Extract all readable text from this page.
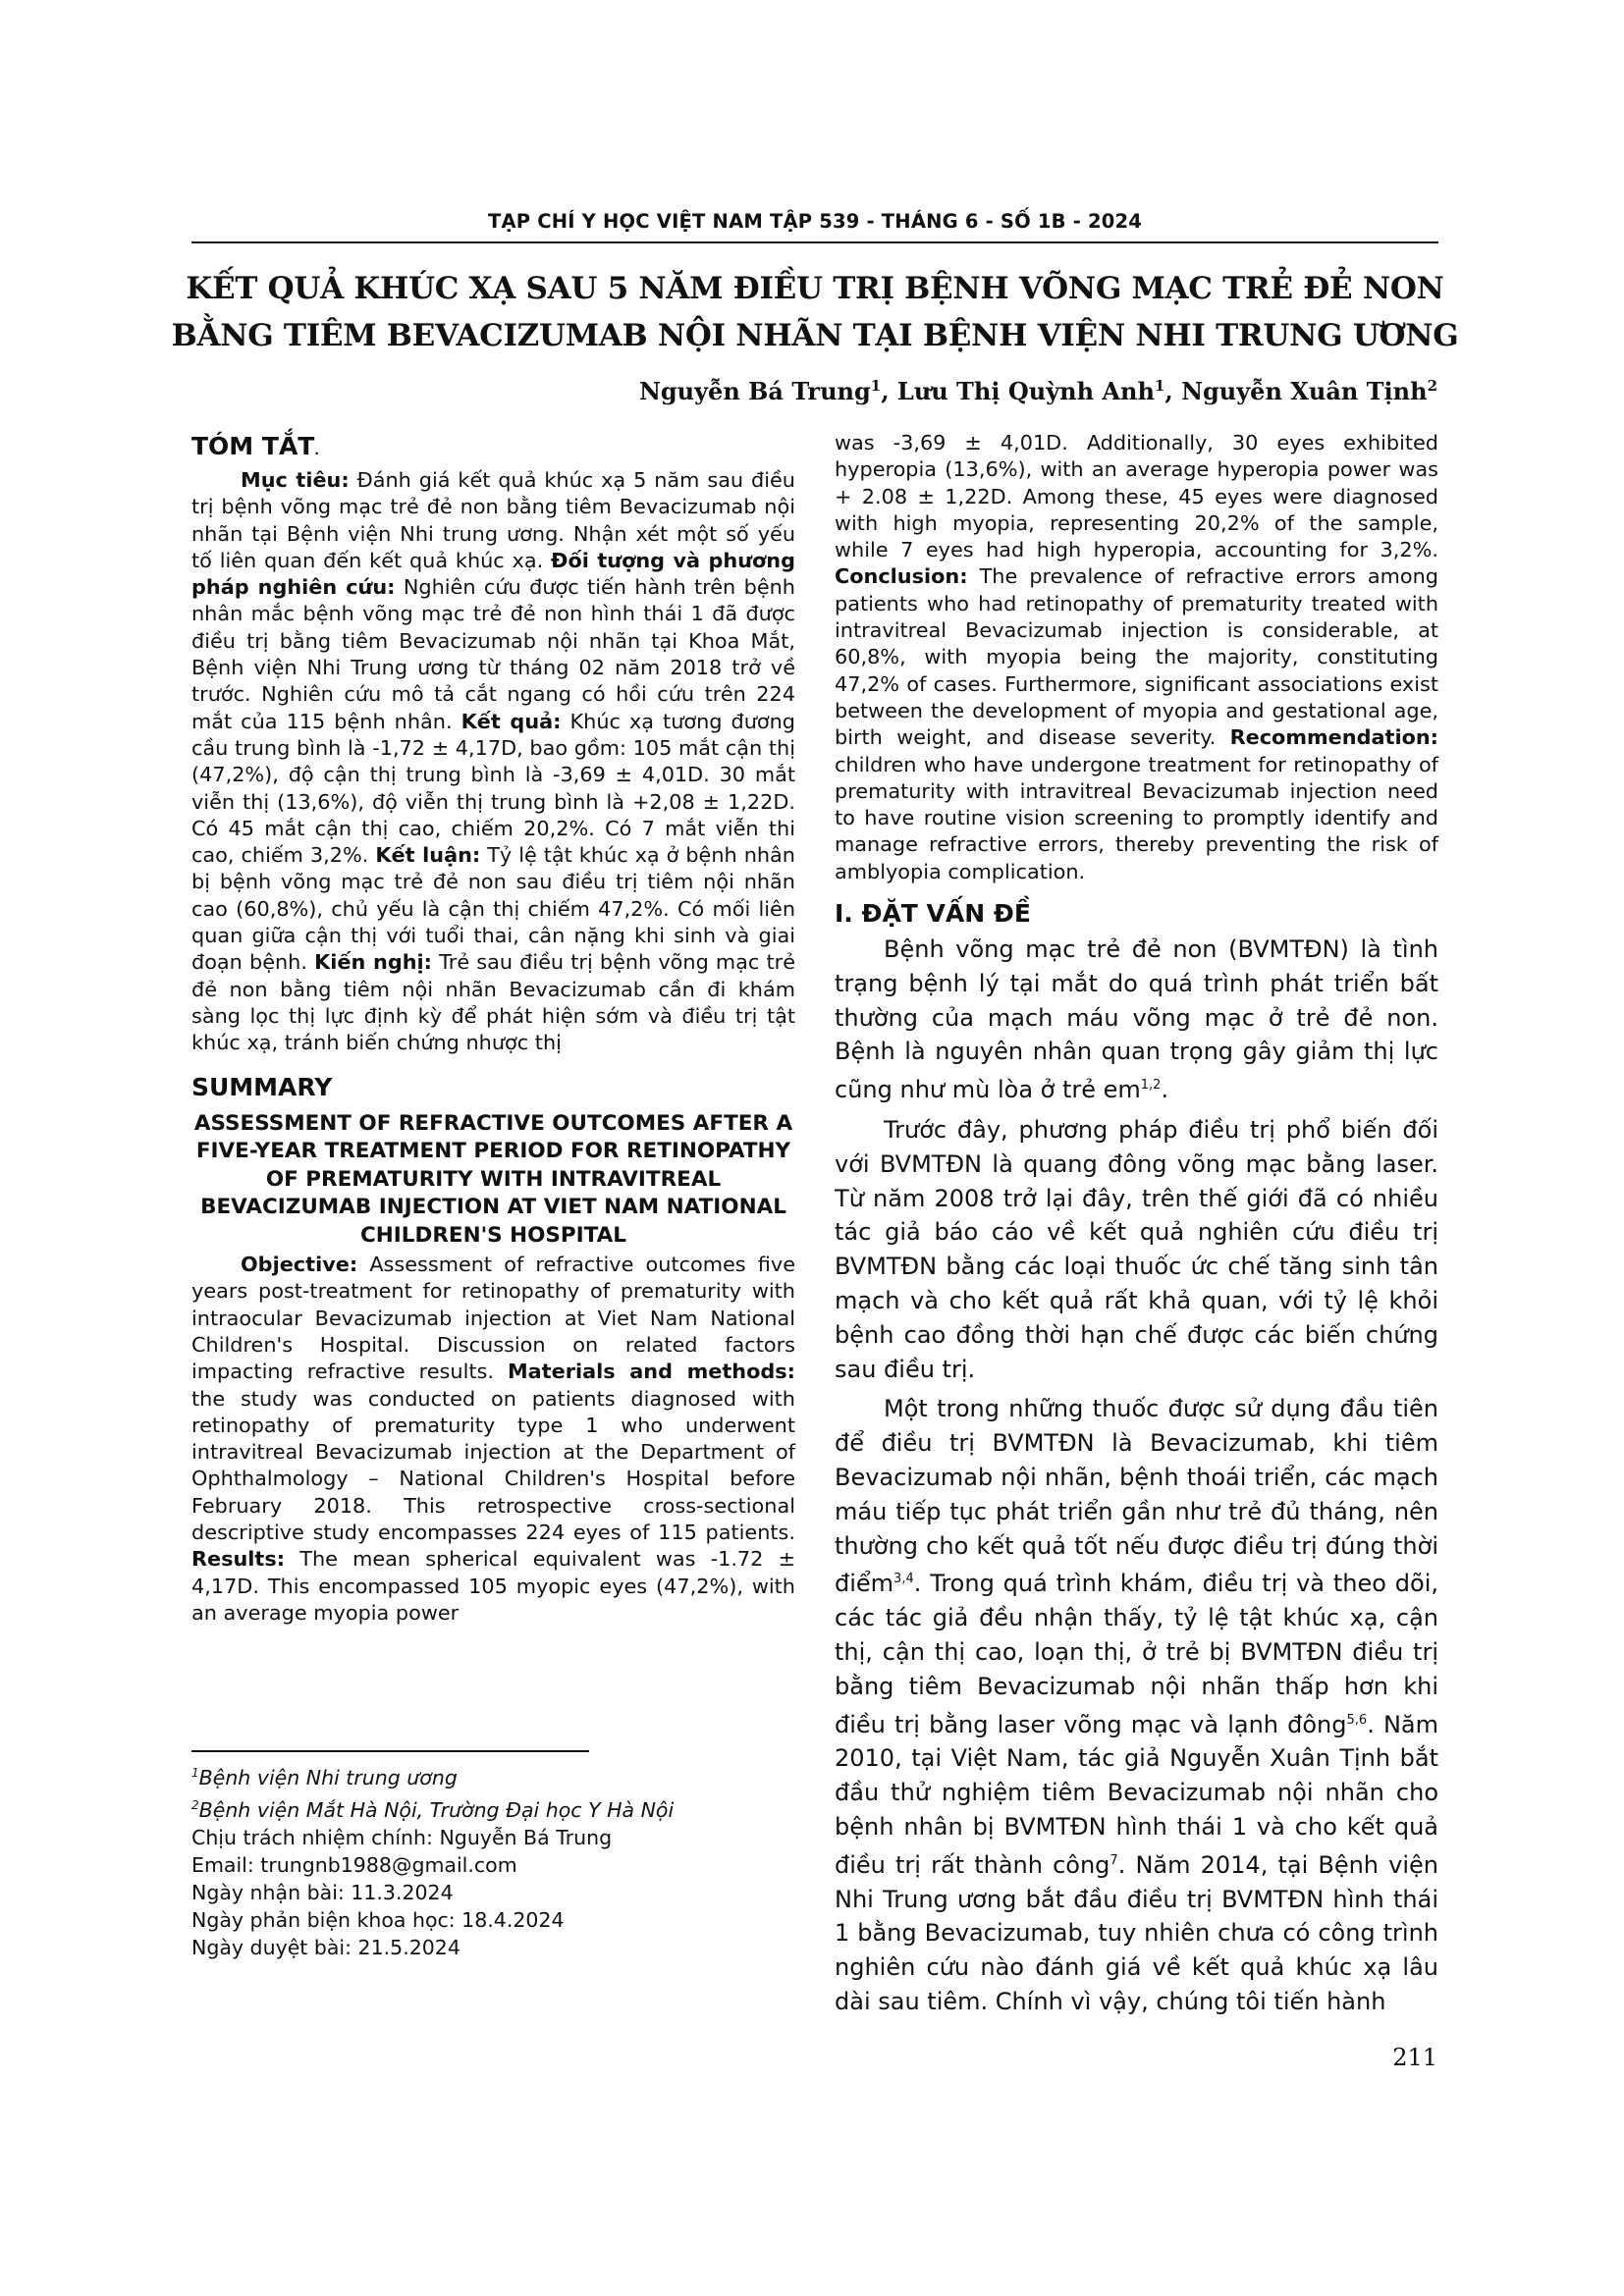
TẠP CHÍ Y HỌC VIỆT NAM TẬP 539 - THÁNG 6 - SỐ 1B - 2024
KẾT QUẢ KHÚC XẠ SAU 5 NĂM ĐIỀU TRỊ BỆNH VÕNG MẠC TRẺ ĐẺ NON
BẰNG TIÊM BEVACIZUMAB NỘI NHÃN TẠI BỆNH VIỆN NHI TRUNG ƯƠNG
Nguyễn Bá Trung$^1$, Lưu Thị Quỳnh Anh$^1$, Nguyễn Xuân Tịnh$^2$
TÓM TẮT.

Mục tiêu: Đánh giá kết quả khúc xạ 5 năm sau điều trị bệnh võng mạc trẻ đẻ non bằng tiêm Bevacizumab nội nhãn tại Bệnh viện Nhi trung ương. Nhận xét một số yếu tố liên quan đến kết quả khúc xạ. Đối tượng và phương pháp nghiên cứu: Nghiên cứu được tiến hành trên bệnh nhân mắc bệnh võng mạc trẻ đẻ non hình thái 1 đã được điều trị bằng tiêm Bevacizumab nội nhãn tại Khoa Mắt, Bệnh viện Nhi Trung ương từ tháng 02 năm 2018 trở về trước. Nghiên cứu mô tả cắt ngang có hồi cứu trên 224 mắt của 115 bệnh nhân. Kết quả: Khúc xạ tương đương cầu trung bình là -1,72 ± 4,17D, bao gồm: 105 mắt cận thị (47,2%), độ cận thị trung bình là -3,69 ± 4,01D. 30 mắt viễn thị (13,6%), độ viễn thị trung bình là +2,08 ± 1,22D. Có 45 mắt cận thị cao, chiếm 20,2%. Có 7 mắt viễn thi cao, chiếm 3,2%. Kết luận: Tỷ lệ tật khúc xạ ở bệnh nhân bị bệnh võng mạc trẻ đẻ non sau điều trị tiêm nội nhãn cao (60,8%), chủ yếu là cận thị chiếm 47,2%. Có mối liên quan giữa cận thị với tuổi thai, cân nặng khi sinh và giai đoạn bệnh. Kiến nghị: Trẻ sau điều trị bệnh võng mạc trẻ đẻ non bằng tiêm nội nhãn Bevacizumab cần đi khám sàng lọc thị lực định kỳ để phát hiện sớm và điều trị tật khúc xạ, tránh biến chứng nhược thị

SUMMARY
ASSESSMENT OF REFRACTIVE OUTCOMES AFTER A FIVE-YEAR TREATMENT PERIOD FOR RETINOPATHY OF PREMATURITY WITH INTRAVITREAL BEVACIZUMAB INJECTION AT VIET NAM NATIONAL CHILDREN'S HOSPITAL

Objective: Assessment of refractive outcomes five years post-treatment for retinopathy of prematurity with intraocular Bevacizumab injection at Viet Nam National Children's Hospital. Discussion on related factors impacting refractive results. Materials and methods: the study was conducted on patients diagnosed with retinopathy of prematurity type 1 who underwent intravitreal Bevacizumab injection at the Department of Ophthalmology – National Children's Hospital before February 2018. This retrospective cross-sectional descriptive study encompasses 224 eyes of 115 patients. Results: The mean spherical equivalent was -1.72 ± 4,17D. This encompassed 105 myopic eyes (47,2%), with an average myopia power

$^1$Bệnh viện Nhi trung ương
$^2$Bệnh viện Mắt Hà Nội, Trường Đại học Y Hà Nội
Chịu trách nhiệm chính: Nguyễn Bá Trung
Email: trungnb1988@gmail.com
Ngày nhận bài: 11.3.2024
Ngày phản biện khoa học: 18.4.2024
Ngày duyệt bài: 21.5.2024

was -3,69 ± 4,01D. Additionally, 30 eyes exhibited hyperopia (13,6%), with an average hyperopia power was + 2.08 ± 1,22D. Among these, 45 eyes were diagnosed with high myopia, representing 20,2% of the sample, while 7 eyes had high hyperopia, accounting for 3,2%. Conclusion: The prevalence of refractive errors among patients who had retinopathy of prematurity treated with intravitreal Bevacizumab injection is considerable, at 60,8%, with myopia being the majority, constituting 47,2% of cases. Furthermore, significant associations exist between the development of myopia and gestational age, birth weight, and disease severity. Recommendation: children who have undergone treatment for retinopathy of prematurity with intravitreal Bevacizumab injection need to have routine vision screening to promptly identify and manage refractive errors, thereby preventing the risk of amblyopia complication.

I. ĐẶT VẤN ĐỀ

Bệnh võng mạc trẻ đẻ non (BVMTĐN) là tình trạng bệnh lý tại mắt do quá trình phát triển bất thường của mạch máu võng mạc ở trẻ đẻ non. Bệnh là nguyên nhân quan trọng gây giảm thị lực cũng như mù lòa ở trẻ em$^{1,2}$.

Trước đây, phương pháp điều trị phổ biến đối với BVMTĐN là quang đông võng mạc bằng laser. Từ năm 2008 trở lại đây, trên thế giới đã có nhiều tác giả báo cáo về kết quả nghiên cứu điều trị BVMTĐN bằng các loại thuốc ức chế tăng sinh tân mạch và cho kết quả rất khả quan, với tỷ lệ khỏi bệnh cao đồng thời hạn chế được các biến chứng sau điều trị.

Một trong những thuốc được sử dụng đầu tiên để điều trị BVMTĐN là Bevacizumab, khi tiêm Bevacizumab nội nhãn, bệnh thoái triển, các mạch máu tiếp tục phát triển gần như trẻ đủ tháng, nên thường cho kết quả tốt nếu được điều trị đúng thời điểm$^{3,4}$. Trong quá trình khám, điều trị và theo dõi, các tác giả đều nhận thấy, tỷ lệ tật khúc xạ, cận thị, cận thị cao, loạn thị, ở trẻ bị BVMTĐN điều trị bằng tiêm Bevacizumab nội nhãn thấp hơn khi điều trị bằng laser võng mạc và lạnh đông$^{5,6}$. Năm 2010, tại Việt Nam, tác giả Nguyễn Xuân Tịnh bắt đầu thử nghiệm tiêm Bevacizumab nội nhãn cho bệnh nhân bị BVMTĐN hình thái 1 và cho kết quả điều trị rất thành công$^7$. Năm 2014, tại Bệnh viện Nhi Trung ương bắt đầu điều trị BVMTĐN hình thái 1 bằng Bevacizumab, tuy nhiên chưa có công trình nghiên cứu nào đánh giá về kết quả khúc xạ lâu dài sau tiêm. Chính vì vậy, chúng tôi tiến hành

211
